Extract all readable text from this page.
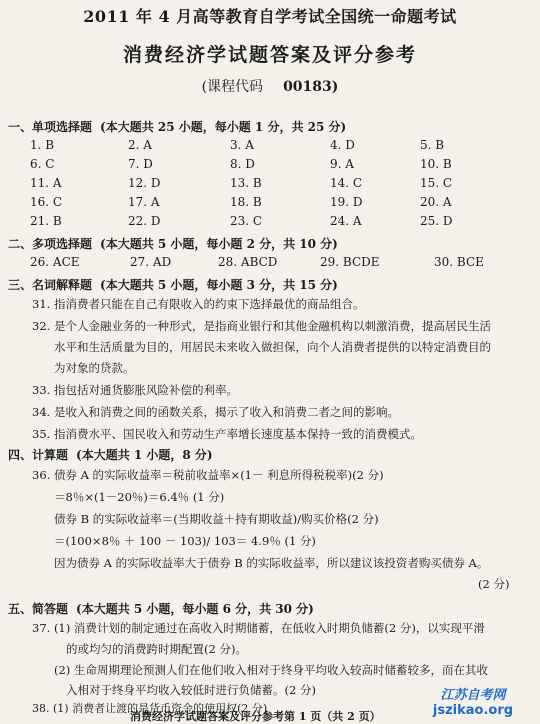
2011 年 4 月高等教育自学考试全国统一命题考试
消费经济学试题答案及评分参考
(课程代码 00183)
一、单项选择题 (本大题共 25 小题，每小题 1 分，共 25 分)
1. B	2. A	3. A	4. D	5. B
6. C	7. D	8. D	9. A	10. B
11. A	12. D	13. B	14. C	15. C
16. C	17. A	18. B	19. D	20. A
21. B	22. D	23. C	24. A	25. D
二、多项选择题 (本大题共 5 小题，每小题 2 分，共 10 分)
26. ACE	27. AD	28. ABCD	29. BCDE	30. BCE
三、名词解释题 (本大题共 5 小题，每小题 3 分，共 15 分)
31. 指消费者只能在自己有限收入的约束下选择最优的商品组合。
32. 是个人金融业务的一种形式，是指商业银行和其他金融机构以刺激消费，提高居民生活
水平和生活质量为目的，用居民未来收入做担保，向个人消费者提供的以特定消费目的
为对象的贷款。
33. 指包括对通货膨胀风险补偿的利率。
34. 是收入和消费之间的函数关系，揭示了收入和消费二者之间的影响。
35. 指消费水平、国民收入和劳动生产率增长速度基本保持一致的消费模式。
四、计算题 (本大题共 1 小题，8 分)
36. 债券 A 的实际收益率＝税前收益率×(1－ 利息所得税税率)(2 分)
＝8％×(1－20％)＝6.4％ (1 分)
债券 B 的实际收益率＝(当期收益＋持有期收益)/购买价格(2 分)
＝(100×8％ ＋ 100 － 103)/ 103＝ 4.9％ (1 分)
因为债券 A 的实际收益率大于债券 B 的实际收益率，所以建议该投资者购买债券 A。
(2 分)
五、简答题 (本大题共 5 小题，每小题 6 分，共 30 分)
37. (1) 消费计划的制定通过在高收入时期储蓄，在低收入时期负储蓄(2 分)，以实现平滑
的或均匀的消费跨时期配置(2 分)。
(2) 生命周期理论预测人们在他们收入相对于终身平均收入较高时储蓄较多，而在其收
入相对于终身平均收入较低时进行负储蓄。(2 分)
38. (1) 消费者让渡的是货币资金的使用权(2 分)
消费经济学试题答案及评分参考第 1 页（共 2 页）
江苏自考网
jszikao.org
